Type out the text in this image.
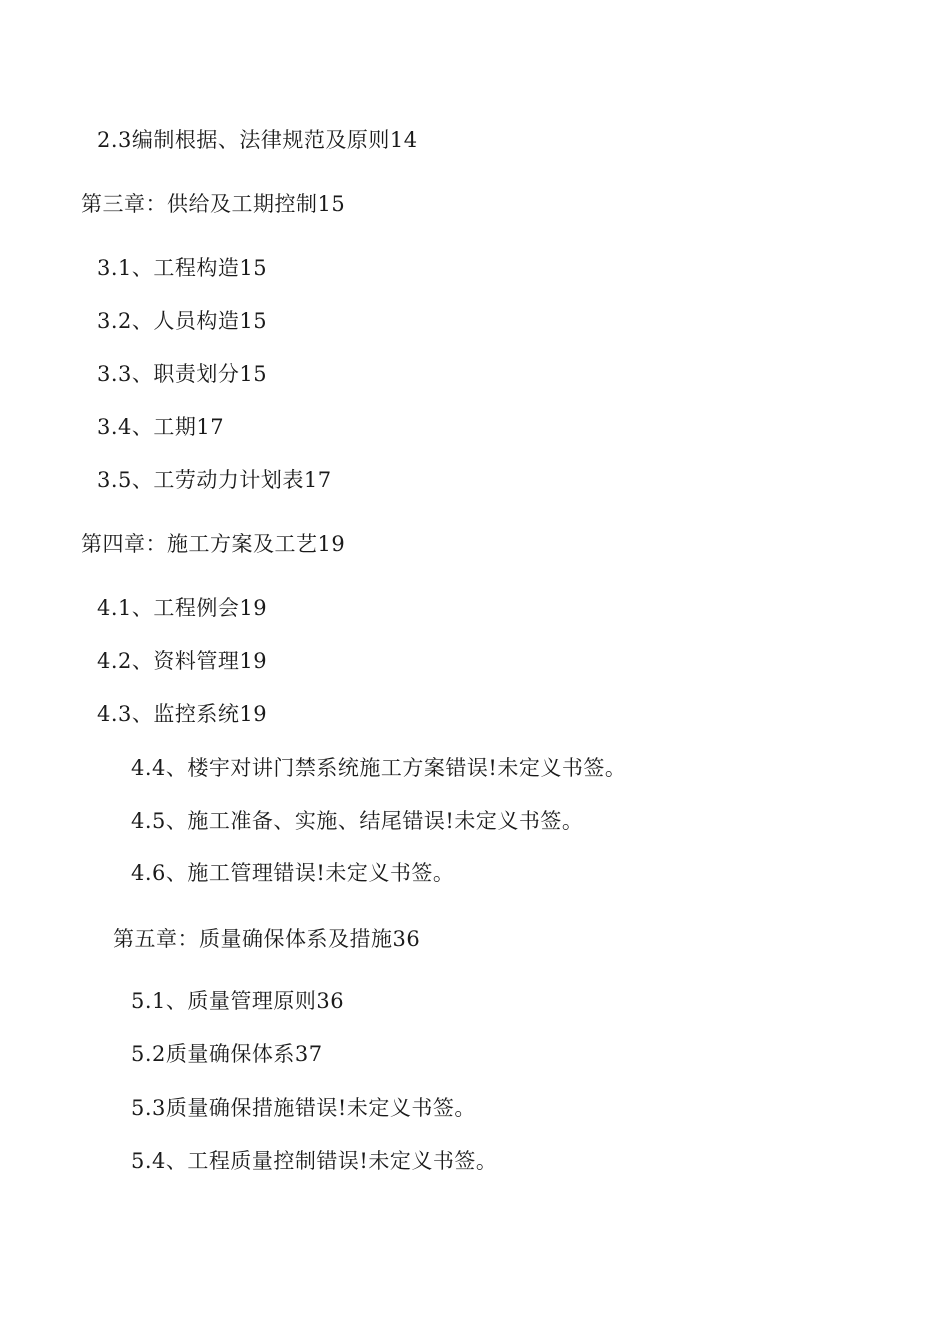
2.3编制根据、法律规范及原则14
第三章：供给及工期控制15
3.1、工程构造15
3.2、人员构造15
3.3、职责划分15
3.4、工期17
3.5、工劳动力计划表17
第四章：施工方案及工艺19
4.1、工程例会19
4.2、资料管理19
4.3、监控系统19
4.4、楼宇对讲门禁系统施工方案错误!未定义书签。
4.5、施工准备、实施、结尾错误!未定义书签。
4.6、施工管理错误!未定义书签。
第五章：质量确保体系及措施36
5.1、质量管理原则36
5.2质量确保体系37
5.3质量确保措施错误!未定义书签。
5.4、工程质量控制错误!未定义书签。
